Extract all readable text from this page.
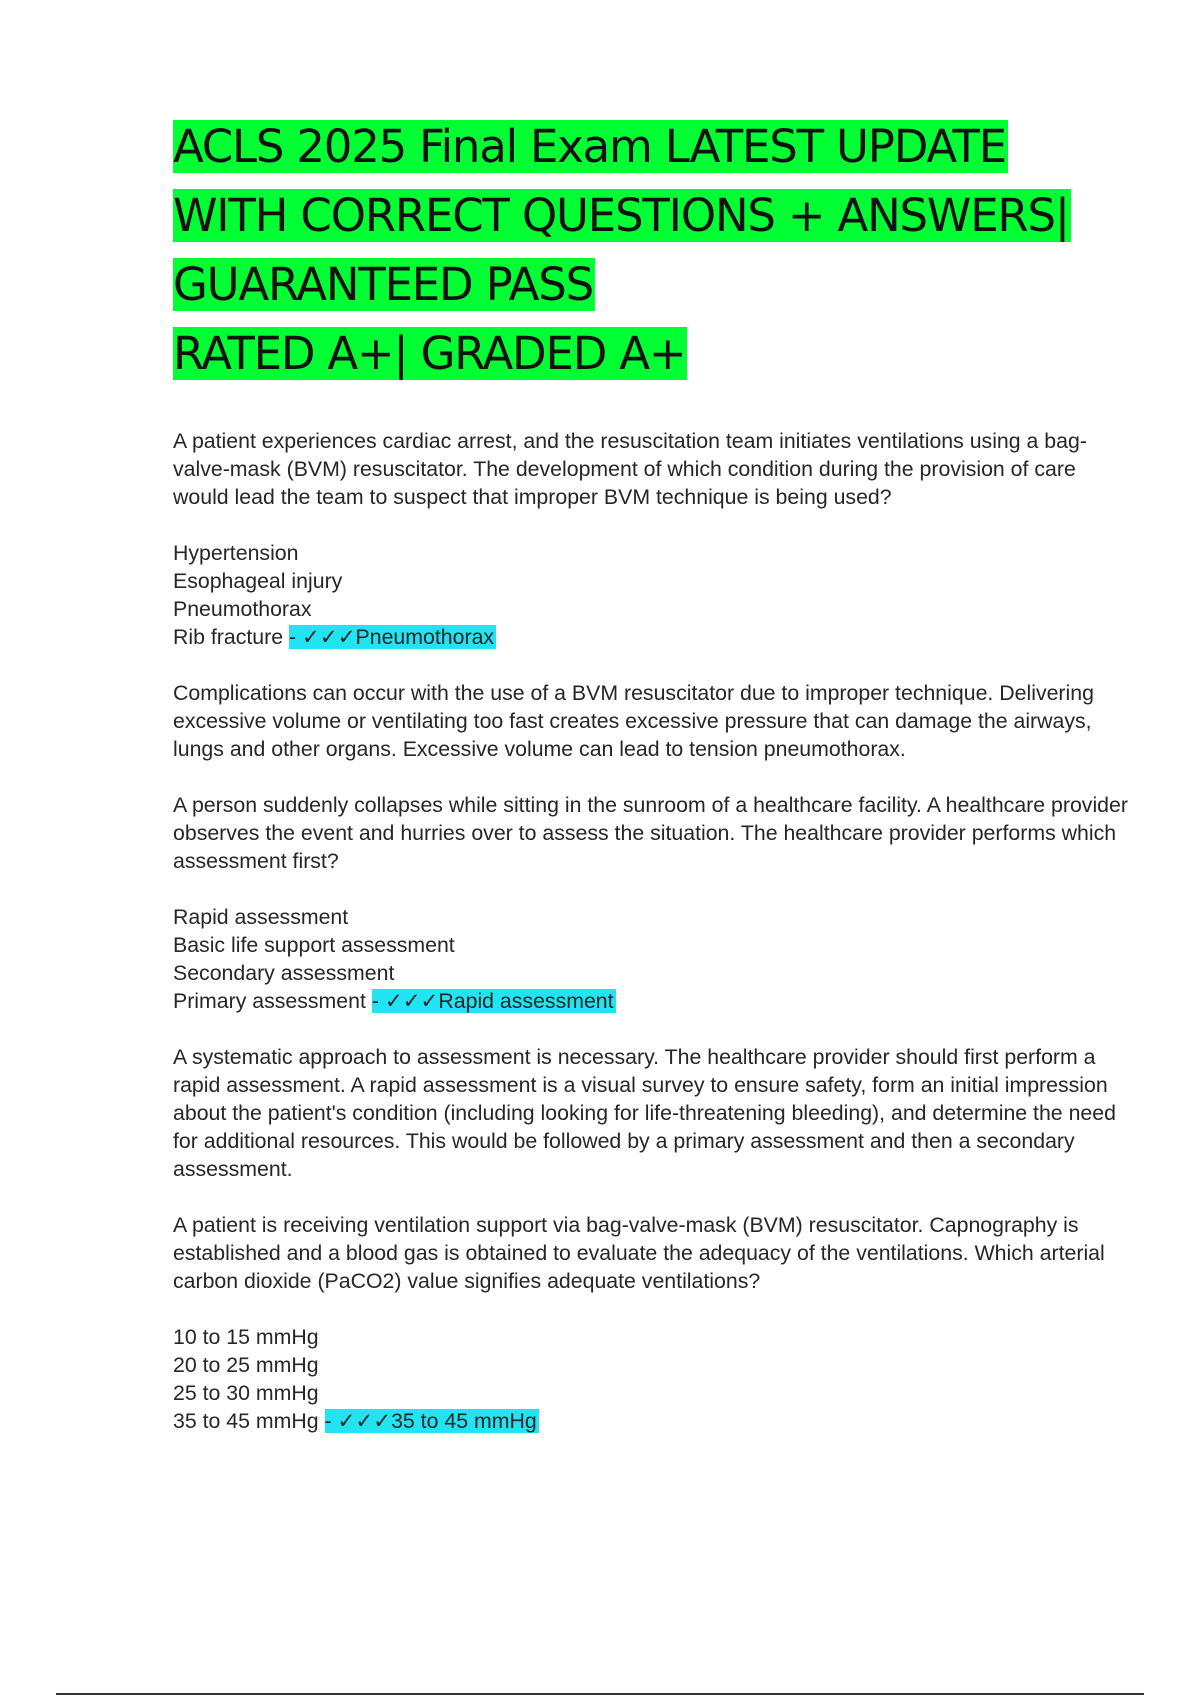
ACLS 2025 Final Exam LATEST UPDATE
WITH CORRECT QUESTIONS + ANSWERS|
GUARANTEED PASS
RATED A+| GRADED A+

A patient experiences cardiac arrest, and the resuscitation team initiates ventilations using a bag-valve-mask (BVM) resuscitator. The development of which condition during the provision of care would lead the team to suspect that improper BVM technique is being used?

Hypertension
Esophageal injury
Pneumothorax
Rib fracture - ✓✓✓Pneumothorax

Complications can occur with the use of a BVM resuscitator due to improper technique. Delivering excessive volume or ventilating too fast creates excessive pressure that can damage the airways, lungs and other organs. Excessive volume can lead to tension pneumothorax.

A person suddenly collapses while sitting in the sunroom of a healthcare facility. A healthcare provider observes the event and hurries over to assess the situation. The healthcare provider performs which assessment first?

Rapid assessment
Basic life support assessment
Secondary assessment
Primary assessment - ✓✓✓Rapid assessment

A systematic approach to assessment is necessary. The healthcare provider should first perform a rapid assessment. A rapid assessment is a visual survey to ensure safety, form an initial impression about the patient's condition (including looking for life-threatening bleeding), and determine the need for additional resources. This would be followed by a primary assessment and then a secondary assessment.

A patient is receiving ventilation support via bag-valve-mask (BVM) resuscitator. Capnography is established and a blood gas is obtained to evaluate the adequacy of the ventilations. Which arterial carbon dioxide (PaCO2) value signifies adequate ventilations?

10 to 15 mmHg
20 to 25 mmHg
25 to 30 mmHg
35 to 45 mmHg - ✓✓✓35 to 45 mmHg
